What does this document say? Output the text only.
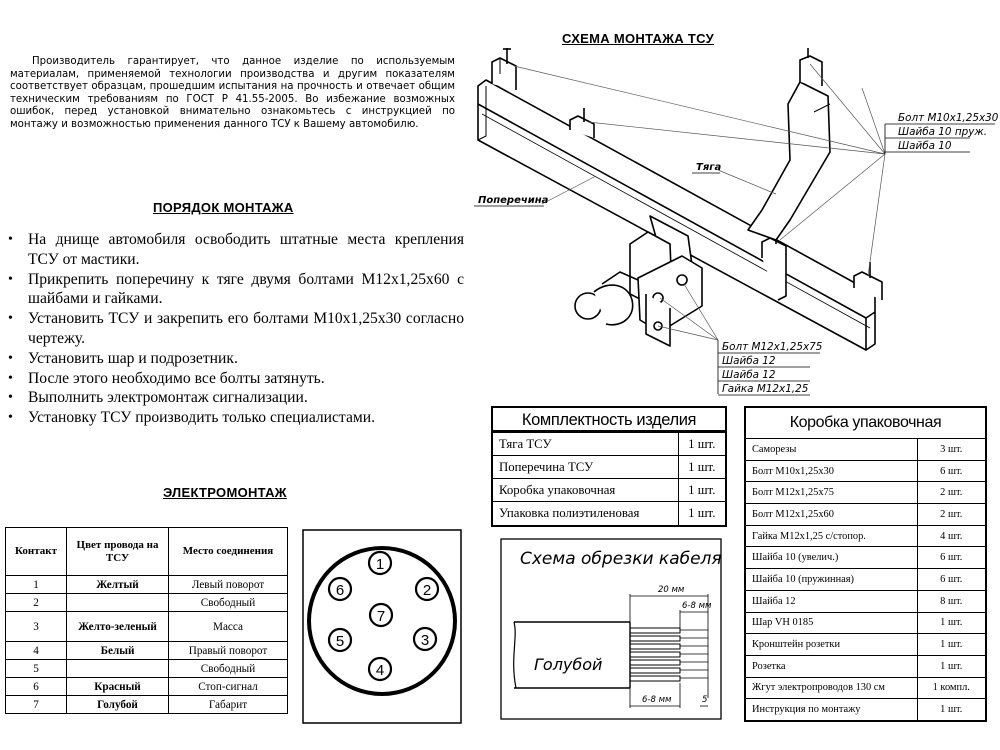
Производитель гарантирует, что данное изделие по используемым материалам, применяемой технологии производства и другим показателям соответствует образцам, прошедшим испытания на прочность и отвечает общим техническим требованиям по ГОСТ Р 41.55-2005. Во избежание возможных ошибок, перед установкой внимательно ознакомьтесь с инструкцией по монтажу и возможностью применения данного ТСУ к Вашему автомобилю.

СХЕМА МОНТАЖА ТСУ
ПОРЯДОК МОНТАЖА
ЭЛЕКТРОМОНТАЖ
• На днище автомобиля освободить штатные места крепления ТСУ от мастики.
• Прикрепить поперечину к тяге двумя болтами М12х1,25х60 с шайбами и гайками.
• Установить ТСУ и закрепить его болтами М10х1,25х30 согласно чертежу.
• Установить шар и подрозетник.
• После этого необходимо все болты затянуть.
• Выполнить электромонтаж сигнализации.
• Установку ТСУ производить только специалистами.
Болт М10х1,25х30
Шайба 10 пруж.
Шайба 10
Болт М12х1,25х75
Шайба 12
Шайба 12
Гайка М12х1,25
Тяга
Поперечина
Контакт	Цвет провода на ТСУ	Место соединения
1	Желтый	Левый поворот
2		Свободный
3	Желто-зеленый	Масса
4	Белый	Правый поворот
5		Свободный
6	Красный	Стоп-сигнал
7	Голубой	Габарит
1
2
3
4
5
6
7
Комплектность изделия
Тяга ТСУ	1 шт.
Поперечина ТСУ	1 шт.
Коробка упаковочная	1 шт.
Упаковка полиэтиленовая	1 шт.
Коробка упаковочная
Саморезы	3 шт.
Болт М10х1,25х30	6 шт.
Болт М12х1,25х75	2 шт.
Болт М12х1,25х60	2 шт.
Гайка М12х1,25 с/стопор.	4 шт.
Шайба 10 (увелич.)	6 шт.
Шайба 10 (пружинная)	6 шт.
Шайба 12	8 шт.
Шар VH 0185	1 шт.
Кронштейн розетки	1 шт.
Розетка	1 шт.
Жгут электропроводов 130 см	1 компл.
Инструкция по монтажу	1 шт.
Схема обрезки кабеля
20 мм
6-8 мм
6-8 мм	5
Голубой
